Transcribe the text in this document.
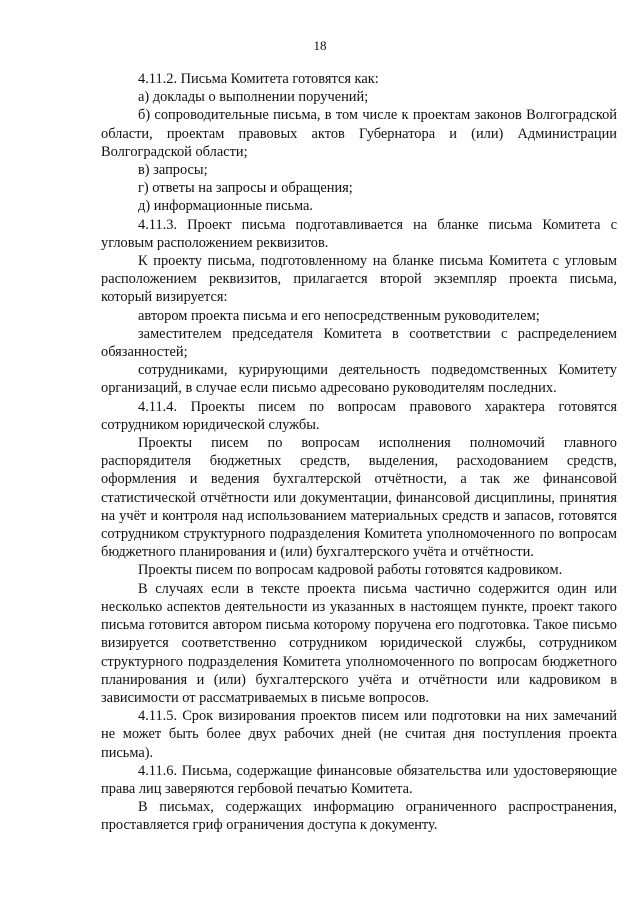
18

4.11.2. Письма Комитета готовятся как:

а) доклады о выполнении поручений;

б) сопроводительные письма, в том числе к проектам законов Волгоградской области, проектам правовых актов Губернатора и (или) Администрации Волгоградской области;

в) запросы;

г) ответы на запросы и обращения;

д) информационные письма.

4.11.3. Проект письма подготавливается на бланке письма Комитета с угловым расположением реквизитов.

К проекту письма, подготовленному на бланке письма Комитета с угловым расположением реквизитов, прилагается второй экземпляр проекта письма, который визируется:

автором проекта письма и его непосредственным руководителем;

заместителем председателя Комитета в соответствии с распределением обязанностей;

сотрудниками, курирующими деятельность подведомственных Комитету организаций, в случае если письмо адресовано руководителям последних.

4.11.4. Проекты писем по вопросам правового характера готовятся сотрудником юридической службы.

Проекты писем по вопросам исполнения полномочий главного распорядителя бюджетных средств, выделения, расходованием средств, оформления и ведения бухгалтерской отчётности, а так же финансовой статистической отчётности или документации, финансовой дисциплины, принятия на учёт и контроля над использованием материальных средств и запасов, готовятся сотрудником структурного подразделения Комитета уполномоченного по вопросам бюджетного планирования и (или) бухгалтерского учёта и отчётности.

Проекты писем по вопросам кадровой работы готовятся кадровиком.

В случаях если в тексте проекта письма частично содержится один или несколько аспектов деятельности из указанных в настоящем пункте, проект такого письма готовится автором письма которому поручена его подготовка. Такое письмо визируется соответственно сотрудником юридической службы, сотрудником структурного подразделения Комитета уполномоченного по вопросам бюджетного планирования и (или) бухгалтерского учёта и отчётности или кадровиком в зависимости от рассматриваемых в письме вопросов.

4.11.5. Срок визирования проектов писем или подготовки на них замечаний не может быть более двух рабочих дней (не считая дня поступления проекта письма).

4.11.6. Письма, содержащие финансовые обязательства или удостоверяющие права лиц заверяются гербовой печатью Комитета.

В письмах, содержащих информацию ограниченного распространения, проставляется гриф ограничения доступа к документу.
